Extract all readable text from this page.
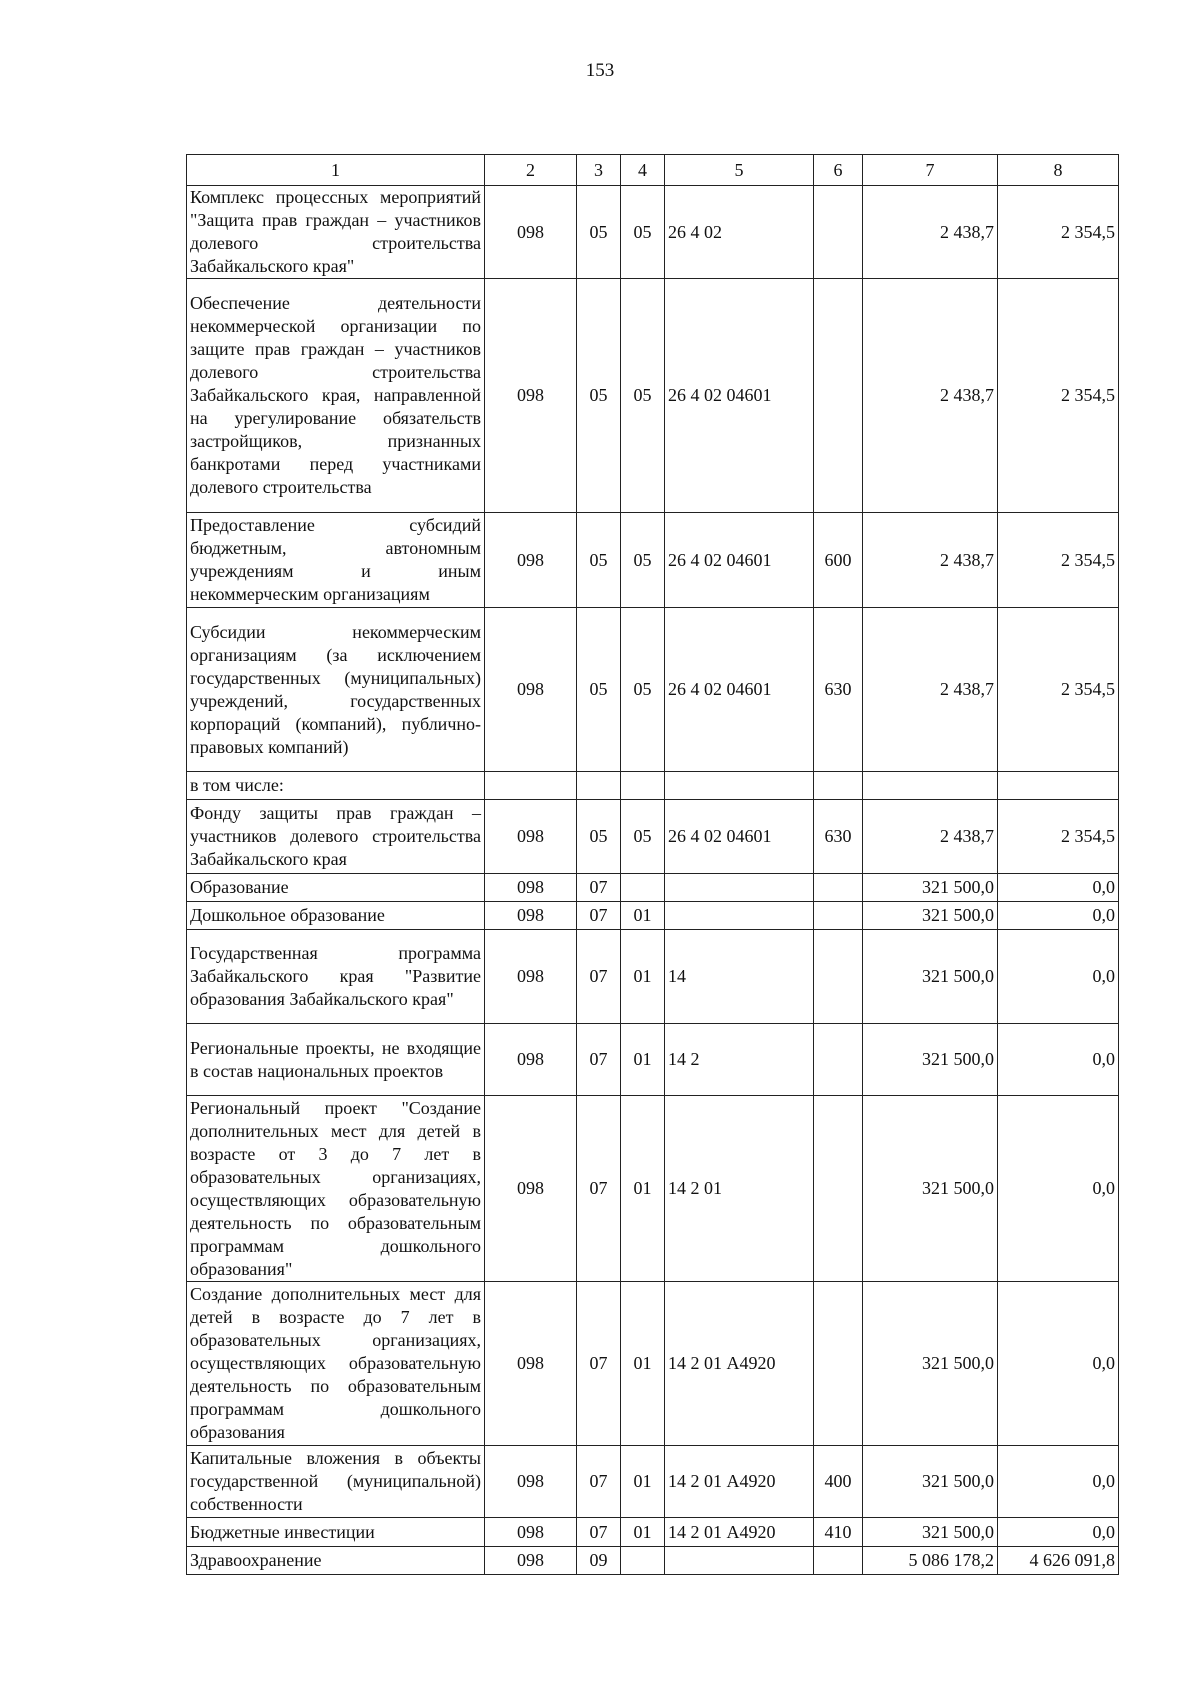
153
1	2	3	4	5	6	7	8
Комплекс процессных мероприятий "Защита прав граждан – участников долевого строительства Забайкальского края"	098	05	05	26 4 02		2 438,7	2 354,5
Обеспечение деятельности некоммерческой организации по защите прав граждан – участников долевого строительства Забайкальского края, направленной на урегулирование обязательств застройщиков, признанных банкротами перед участниками долевого строительства	098	05	05	26 4 02 04601		2 438,7	2 354,5
Предоставление субсидий бюджетным, автономным учреждениям и иным некоммерческим организациям	098	05	05	26 4 02 04601	600	2 438,7	2 354,5
Субсидии некоммерческим организациям (за исключением государственных (муниципальных) учреждений, государственных корпораций (компаний), публично-правовых компаний)	098	05	05	26 4 02 04601	630	2 438,7	2 354,5
в том числе:							
Фонду защиты прав граждан – участников долевого строительства Забайкальского края	098	05	05	26 4 02 04601	630	2 438,7	2 354,5
Образование	098	07				321 500,0	0,0
Дошкольное образование	098	07	01			321 500,0	0,0
Государственная программа Забайкальского края "Развитие образования Забайкальского края"	098	07	01	14		321 500,0	0,0
Региональные проекты, не входящие в состав национальных проектов	098	07	01	14 2		321 500,0	0,0
Региональный проект "Создание дополнительных мест для детей в возрасте от 3 до 7 лет в образовательных организациях, осуществляющих образовательную деятельность по образовательным программам дошкольного образования"	098	07	01	14 2 01		321 500,0	0,0
Создание дополнительных мест для детей в возрасте до 7 лет в образовательных организациях, осуществляющих образовательную деятельность по образовательным программам дошкольного образования	098	07	01	14 2 01 А4920		321 500,0	0,0
Капитальные вложения в объекты государственной (муниципальной) собственности	098	07	01	14 2 01 А4920	400	321 500,0	0,0
Бюджетные инвестиции	098	07	01	14 2 01 А4920	410	321 500,0	0,0
Здравоохранение	098	09				5 086 178,2	4 626 091,8
